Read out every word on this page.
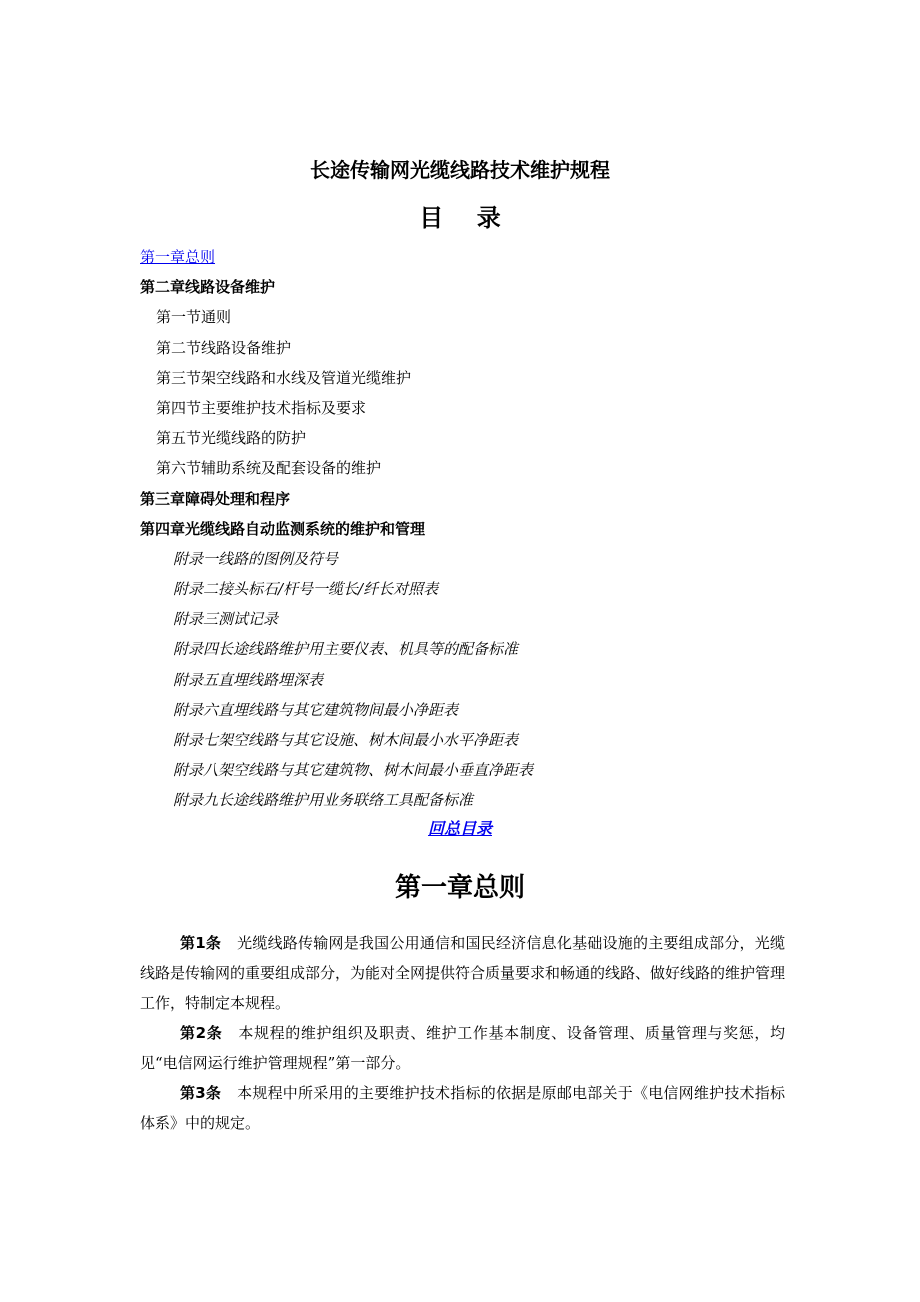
长途传输网光缆线路技术维护规程
目    录
第一章总则
第二章线路设备维护
第一节通则
第二节线路设备维护
第三节架空线路和水线及管道光缆维护
第四节主要维护技术指标及要求
第五节光缆线路的防护
第六节辅助系统及配套设备的维护
第三章障碍处理和程序
第四章光缆线路自动监测系统的维护和管理
附录一线路的图例及符号
附录二接头标石/杆号一缆长/纤长对照表
附录三测试记录
附录四长途线路维护用主要仪表、机具等的配备标准
附录五直埋线路埋深表
附录六直埋线路与其它建筑物间最小净距表
附录七架空线路与其它设施、树木间最小水平净距表
附录八架空线路与其它建筑物、树木间最小垂直净距表
附录九长途线路维护用业务联络工具配备标准
回总目录
第一章总则

第1条 光缆线路传输网是我国公用通信和国民经济信息化基础设施的主要组成部分，光缆线路是传输网的重要组成部分，为能对全网提供符合质量要求和畅通的线路、做好线路的维护管理工作，特制定本规程。

第2条 本规程的维护组织及职责、维护工作基本制度、设备管理、质量管理与奖惩，均见“电信网运行维护管理规程”第一部分。

第3条 本规程中所采用的主要维护技术指标的依据是原邮电部关于《电信网维护技术指标体系》中的规定。
